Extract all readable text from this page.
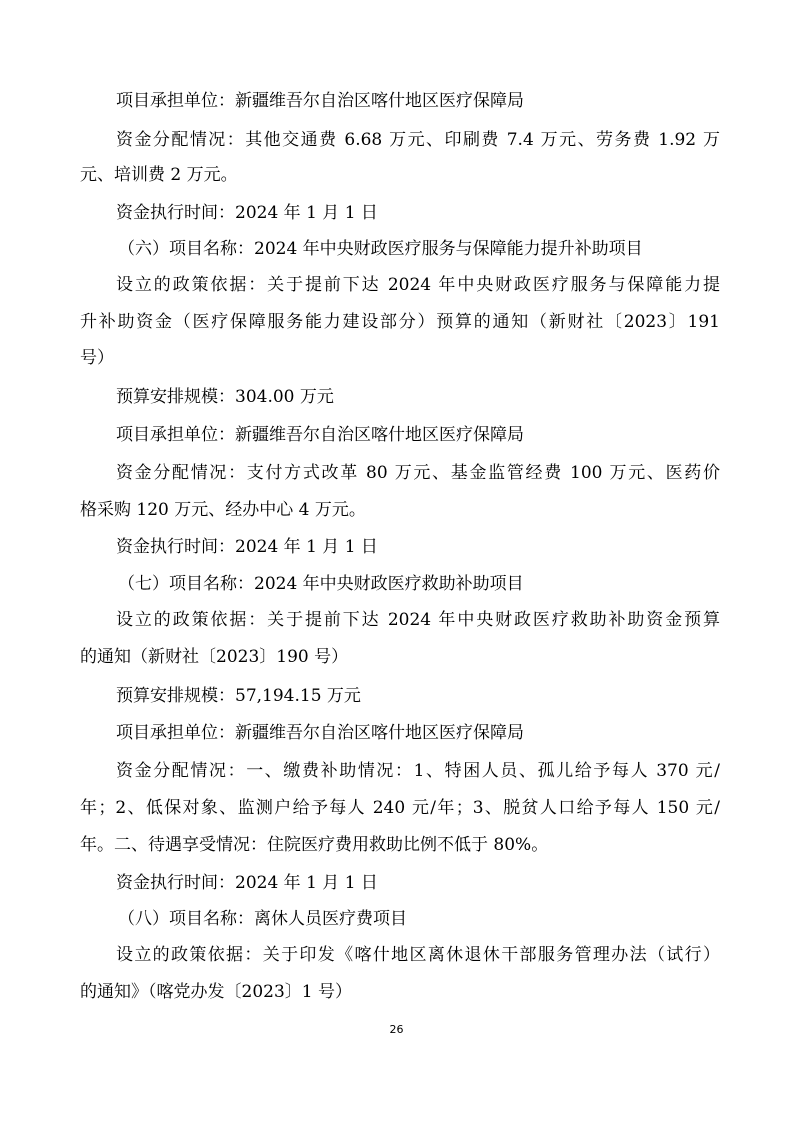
项目承担单位：新疆维吾尔自治区喀什地区医疗保障局
资金分配情况：其他交通费 6.68 万元、印刷费 7.4 万元、劳务费 1.92 万
元、培训费 2 万元。
资金执行时间：2024 年 1 月 1 日
（六）项目名称：2024 年中央财政医疗服务与保障能力提升补助项目
设立的政策依据：关于提前下达 2024 年中央财政医疗服务与保障能力提
升补助资金（医疗保障服务能力建设部分）预算的通知（新财社〔2023〕191
号）
预算安排规模：304.00 万元
项目承担单位：新疆维吾尔自治区喀什地区医疗保障局
资金分配情况：支付方式改革 80 万元、基金监管经费 100 万元、医药价
格采购 120 万元、经办中心 4 万元。
资金执行时间：2024 年 1 月 1 日
（七）项目名称：2024 年中央财政医疗救助补助项目
设立的政策依据：关于提前下达 2024 年中央财政医疗救助补助资金预算
的通知（新财社〔2023〕190 号）
预算安排规模：57,194.15 万元
项目承担单位：新疆维吾尔自治区喀什地区医疗保障局
资金分配情况：一、缴费补助情况：1、特困人员、孤儿给予每人 370 元/
年；2、低保对象、监测户给予每人 240 元/年；3、脱贫人口给予每人 150 元/
年。二、待遇享受情况：住院医疗费用救助比例不低于 80%。
资金执行时间：2024 年 1 月 1 日
（八）项目名称：离休人员医疗费项目
设立的政策依据：关于印发《喀什地区离休退休干部服务管理办法（试行）
的通知》（喀党办发〔2023〕1 号）
26
